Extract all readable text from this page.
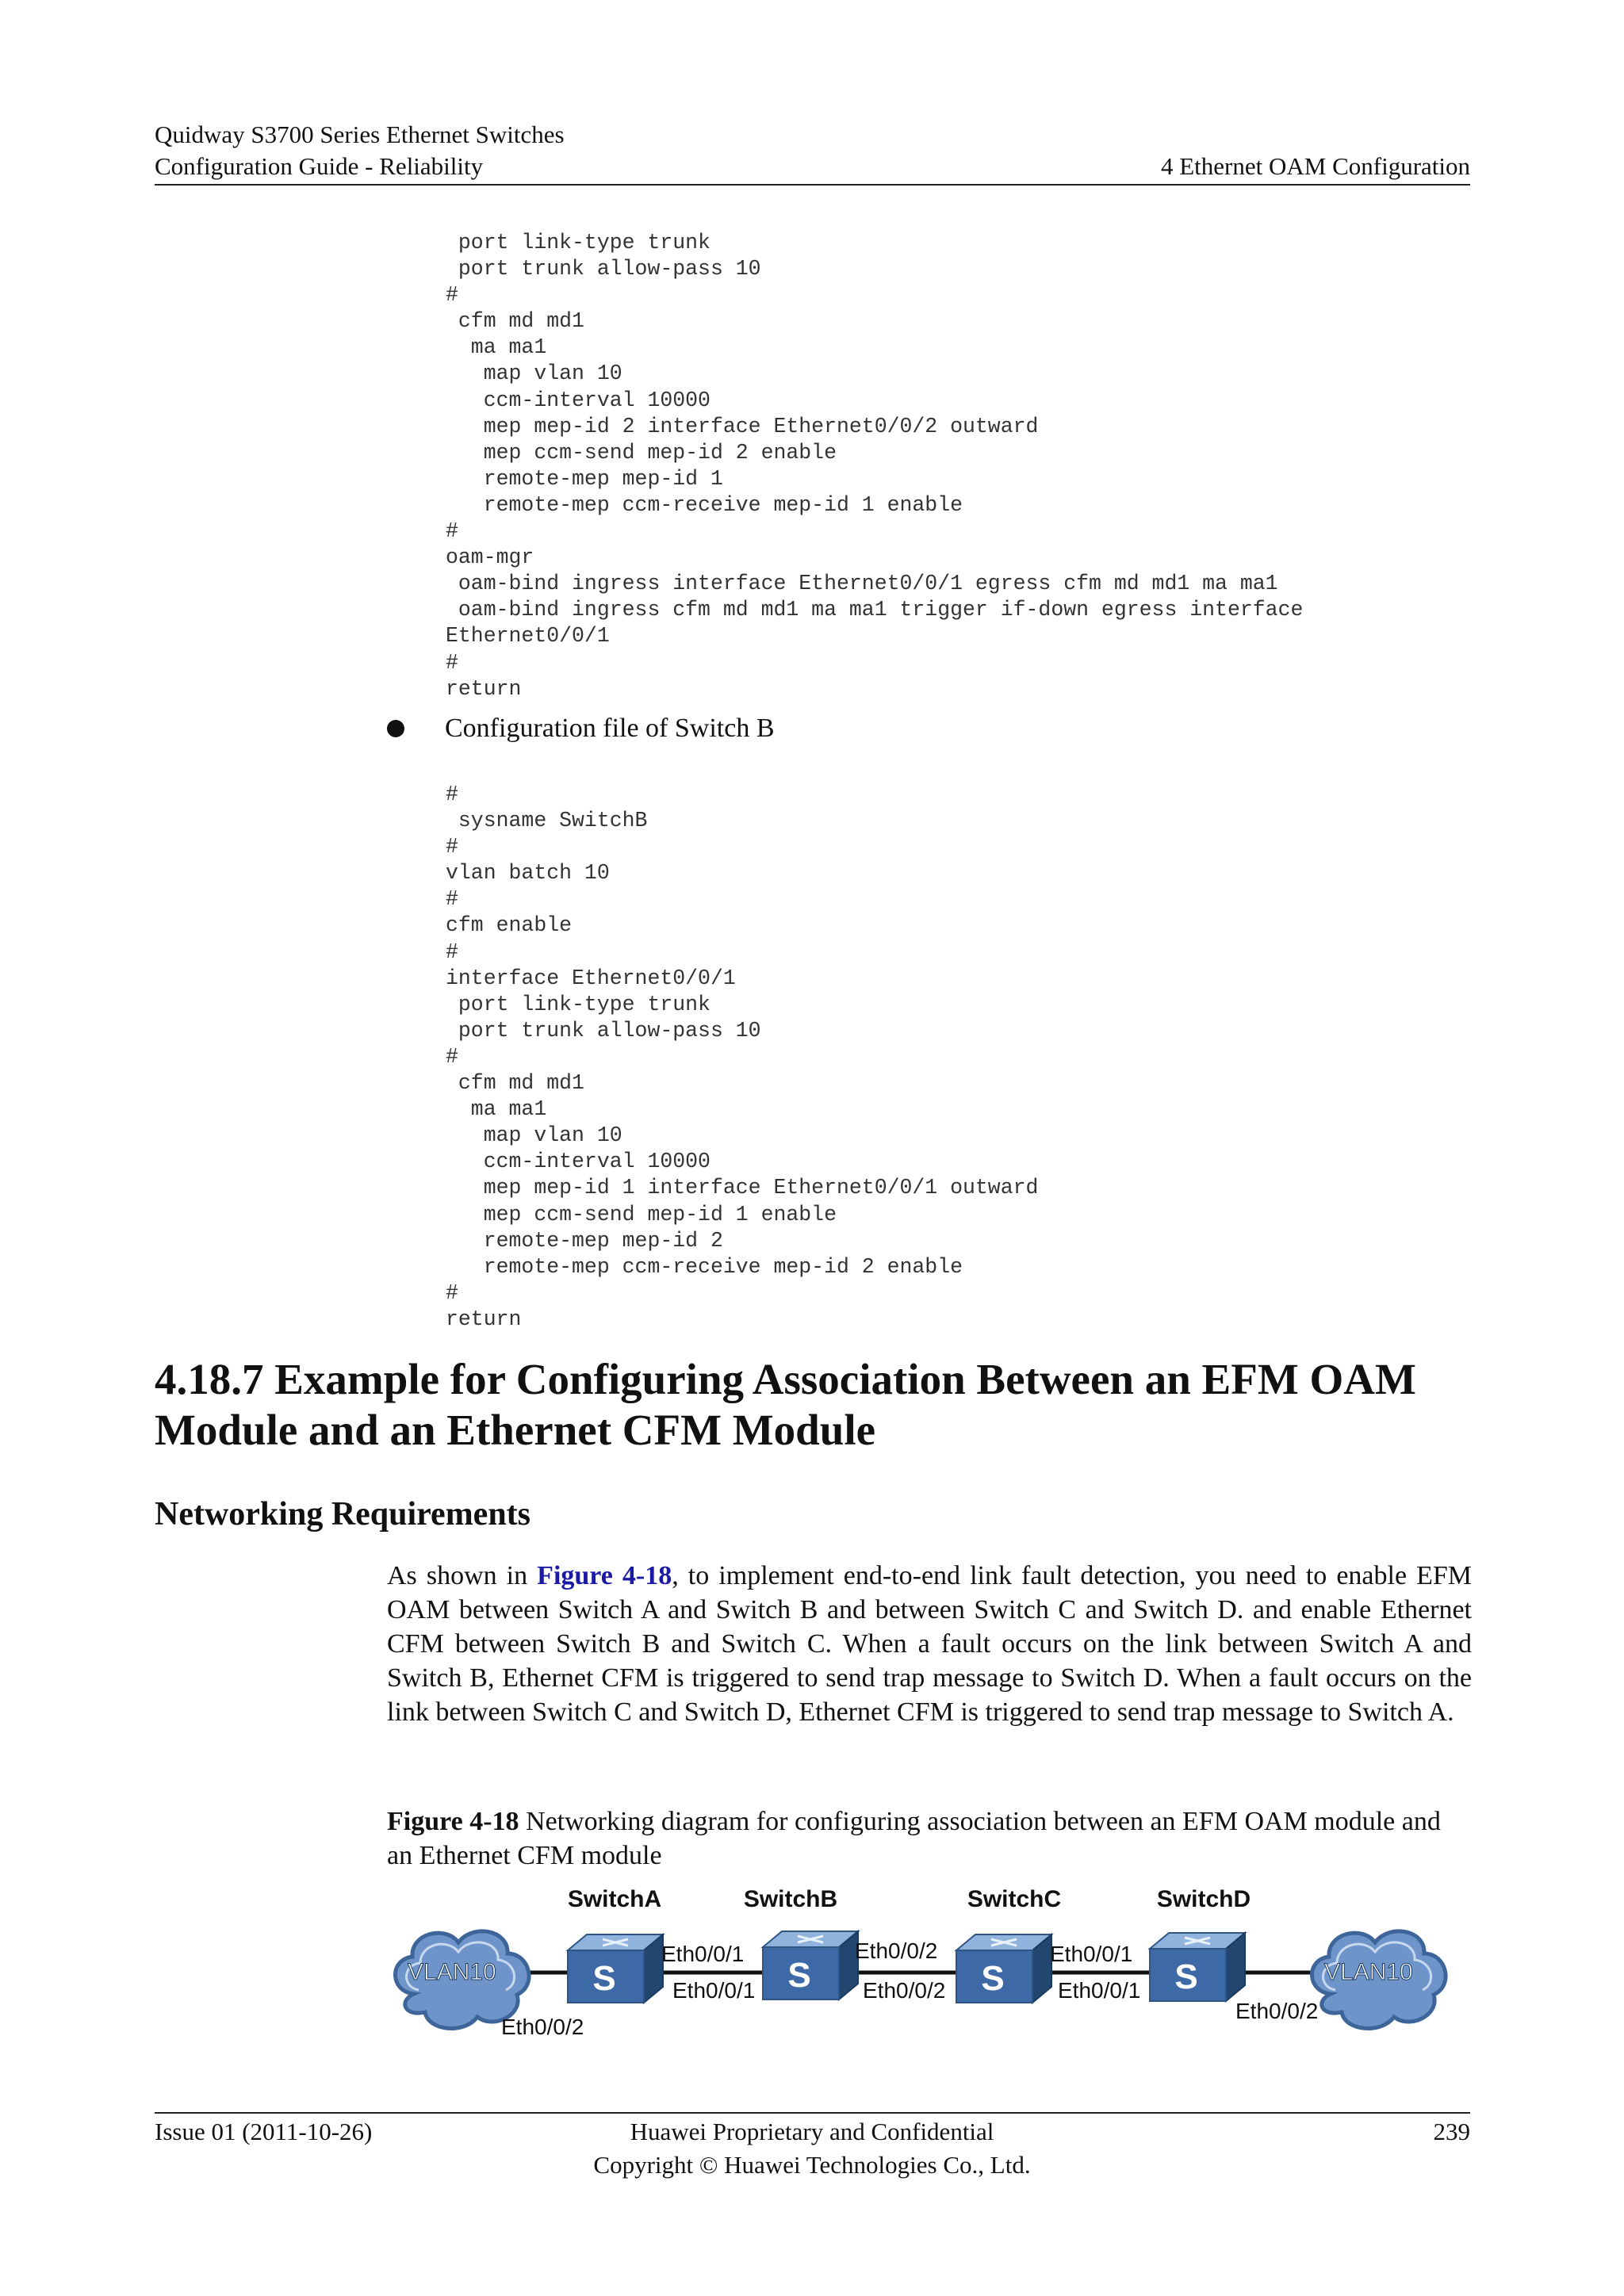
Quidway S3700 Series Ethernet Switches
Configuration Guide - Reliability	4 Ethernet OAM Configuration
port link-type trunk
port trunk allow-pass 10
#
cfm md md1
ma ma1
map vlan 10
ccm-interval 10000
mep mep-id 2 interface Ethernet0/0/2 outward
mep ccm-send mep-id 2 enable
remote-mep mep-id 1
remote-mep ccm-receive mep-id 1 enable
#
oam-mgr
oam-bind ingress interface Ethernet0/0/1 egress cfm md md1 ma ma1
oam-bind ingress cfm md md1 ma ma1 trigger if-down egress interface
Ethernet0/0/1
#
return
Configuration file of Switch B
#
sysname SwitchB
#
vlan batch 10
#
cfm enable
#
interface Ethernet0/0/1
port link-type trunk
port trunk allow-pass 10
#
cfm md md1
ma ma1
map vlan 10
ccm-interval 10000
mep mep-id 1 interface Ethernet0/0/1 outward
mep ccm-send mep-id 1 enable
remote-mep mep-id 2
remote-mep ccm-receive mep-id 2 enable
#
return
4.18.7 Example for Configuring Association Between an EFM OAM Module and an Ethernet CFM Module
Networking Requirements
As shown in Figure 4-18, to implement end-to-end link fault detection, you need to enable EFM OAM between Switch A and Switch B and between Switch C and Switch D. and enable Ethernet CFM between Switch B and Switch C. When a fault occurs on the link between Switch A and Switch B, Ethernet CFM is triggered to send trap message to Switch D. When a fault occurs on the link between Switch C and Switch D, Ethernet CFM is triggered to send trap message to Switch A.
Figure 4-18 Networking diagram for configuring association between an EFM OAM module and an Ethernet CFM module
VLAN10	VLAN10
S	S	S	S
SwitchA	SwitchB	SwitchC	SwitchD
Eth0/0/2
Eth0/0/1
Eth0/0/1
Eth0/0/2
Eth0/0/2
Eth0/0/1
Eth0/0/1
Eth0/0/2
Issue 01 (2011-10-26)	Huawei Proprietary and Confidential
Copyright © Huawei Technologies Co., Ltd.
239
